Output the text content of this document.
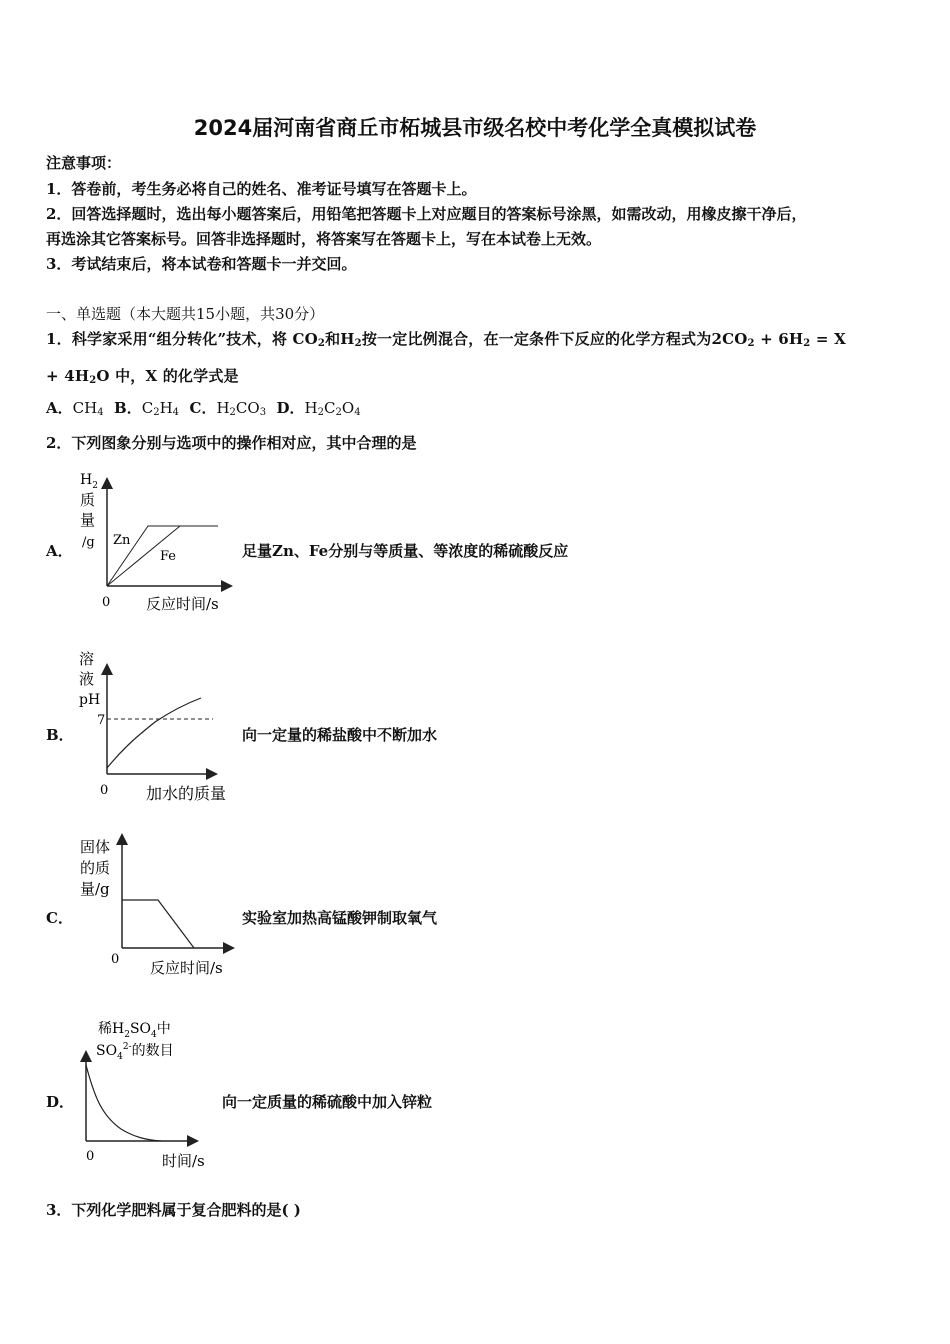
2024届河南省商丘市柘城县市级名校中考化学全真模拟试卷
注意事项：
1．答卷前，考生务必将自己的姓名、准考证号填写在答题卡上。
2．回答选择题时，选出每小题答案后，用铅笔把答题卡上对应题目的答案标号涂黑，如需改动，用橡皮擦干净后，
再选涂其它答案标号。回答非选择题时，将答案写在答题卡上，写在本试卷上无效。
3．考试结束后，将本试卷和答题卡一并交回。
一、单选题（本大题共15小题，共30分）
1．科学家采用“组分转化”技术，将 $CO_2$和$H_2$按一定比例混合，在一定条件下反应的化学方程式为$2CO_2 + 6H_2 = X$
+ $4H_2O$ 中，X 的化学式是
A．$CH_4$ B．$C_2H_4$ C．$H_2CO_3$ D．$H_2C_2O_4$
2．下列图象分别与选项中的操作相对应，其中合理的是
A．
$H_2$
质
量
/g Zn
Fe
0 反应时间/s
足量Zn、Fe分别与等质量、等浓度的稀硫酸反应
B．
溶
液
pH
7
0 加水的质量
向一定量的稀盐酸中不断加水
C．
固体
的质
量/g
0 反应时间/s
实验室加热高锰酸钾制取氧气
D．
稀$H_2SO_4$中
$SO_4^{2-}$的数目
0	时间/s
向一定质量的稀硫酸中加入锌粒
3．下列化学肥料属于复合肥料的是( )
